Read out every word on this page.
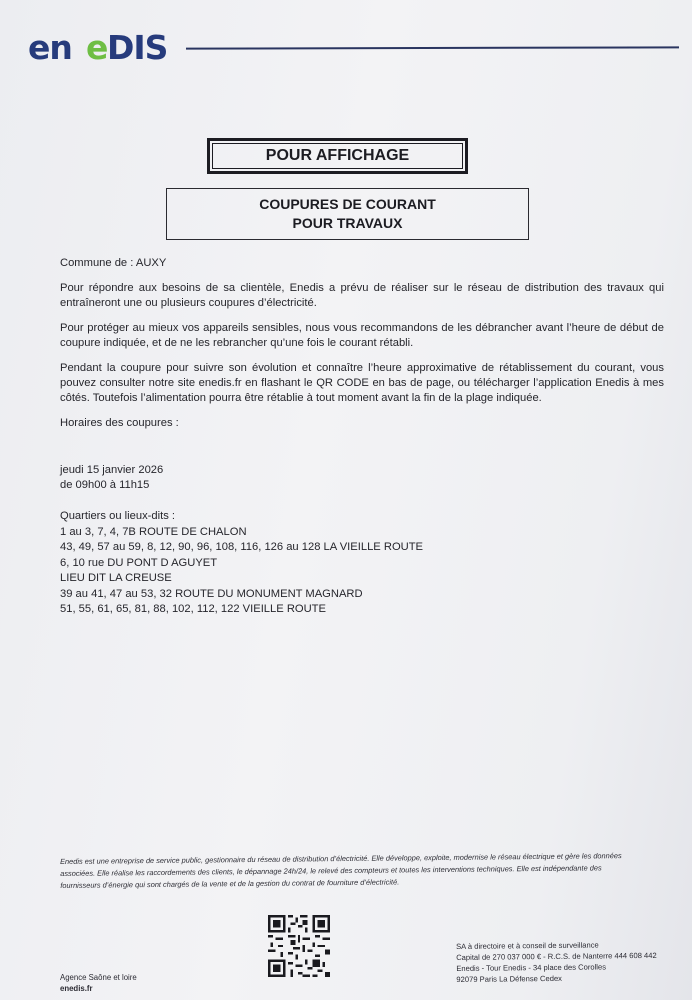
en e DIS
POUR AFFICHAGE
COUPURES DE COURANT
POUR TRAVAUX

Commune de : AUXY

Pour répondre aux besoins de sa clientèle, Enedis a prévu de réaliser sur le réseau de distribution des travaux qui entraîneront une ou plusieurs coupures d’électricité.

Pour protéger au mieux vos appareils sensibles, nous vous recommandons de les débrancher avant l’heure de début de coupure indiquée, et de ne les rebrancher qu’une fois le courant rétabli.

Pendant la coupure pour suivre son évolution et connaître l’heure approximative de rétablissement du courant, vous pouvez consulter notre site enedis.fr en flashant le QR CODE en bas de page, ou télécharger l’application Enedis à mes côtés. Toutefois l’alimentation pourra être rétablie à tout moment avant la fin de la plage indiquée.

Horaires des coupures :

jeudi 15 janvier 2026

de 09h00 à 11h15

Quartiers ou lieux-dits :

1 au 3, 7, 4, 7B ROUTE DE CHALON

43, 49, 57 au 59, 8, 12, 90, 96, 108, 116, 126 au 128 LA VIEILLE ROUTE

6, 10 rue DU PONT D AGUYET

LIEU DIT LA CREUSE

39 au 41, 47 au 53, 32 ROUTE DU MONUMENT MAGNARD

51, 55, 61, 65, 81, 88, 102, 112, 122 VIEILLE ROUTE

Enedis est une entreprise de service public, gestionnaire du réseau de distribution d’électricité. Elle développe, exploite, modernise le réseau électrique et gère les données
associées. Elle réalise les raccordements des clients, le dépannage 24h/24, le relevé des compteurs et toutes les interventions techniques. Elle est indépendante des
fournisseurs d’énergie qui sont chargés de la vente et de la gestion du contrat de fourniture d’électricité.
Agence Saône et loire
enedis.fr
SA à directoire et à conseil de surveillance
Capital de 270 037 000 € - R.C.S. de Nanterre 444 608 442
Enedis - Tour Enedis - 34 place des Corolles
92079 Paris La Défense Cedex
